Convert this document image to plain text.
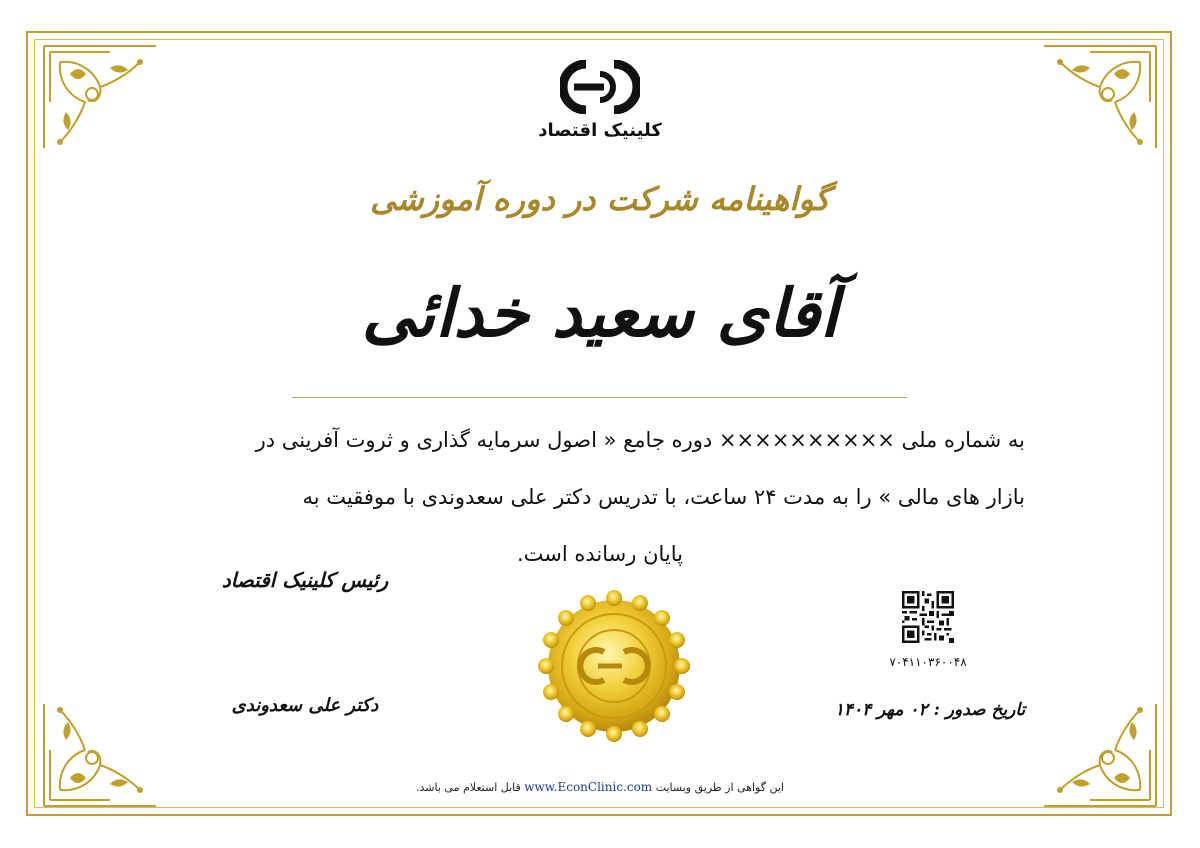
کلینیک اقتصاد
گواهینامه شرکت در دوره آموزشی
آقای سعید خدائی
به شماره ملی ×××××××××× دوره جامع « اصول سرمایه گذاری و ثروت آفرینی در
بازار های مالی » را به مدت ۲۴ ساعت، با تدریس دکتر علی سعدوندی با موفقیت به

پایان رسانده است.
رئیس کلینیک اقتصاد
دکتر علی سعدوندی
۷۰۴۱۱۰۳۶۰۰۴۸
تاریخ صدور : ۰۲ مهر ۱۴۰۴
این گواهی از طریق وبسایت www.EconClinic.com قابل استعلام می باشد.
